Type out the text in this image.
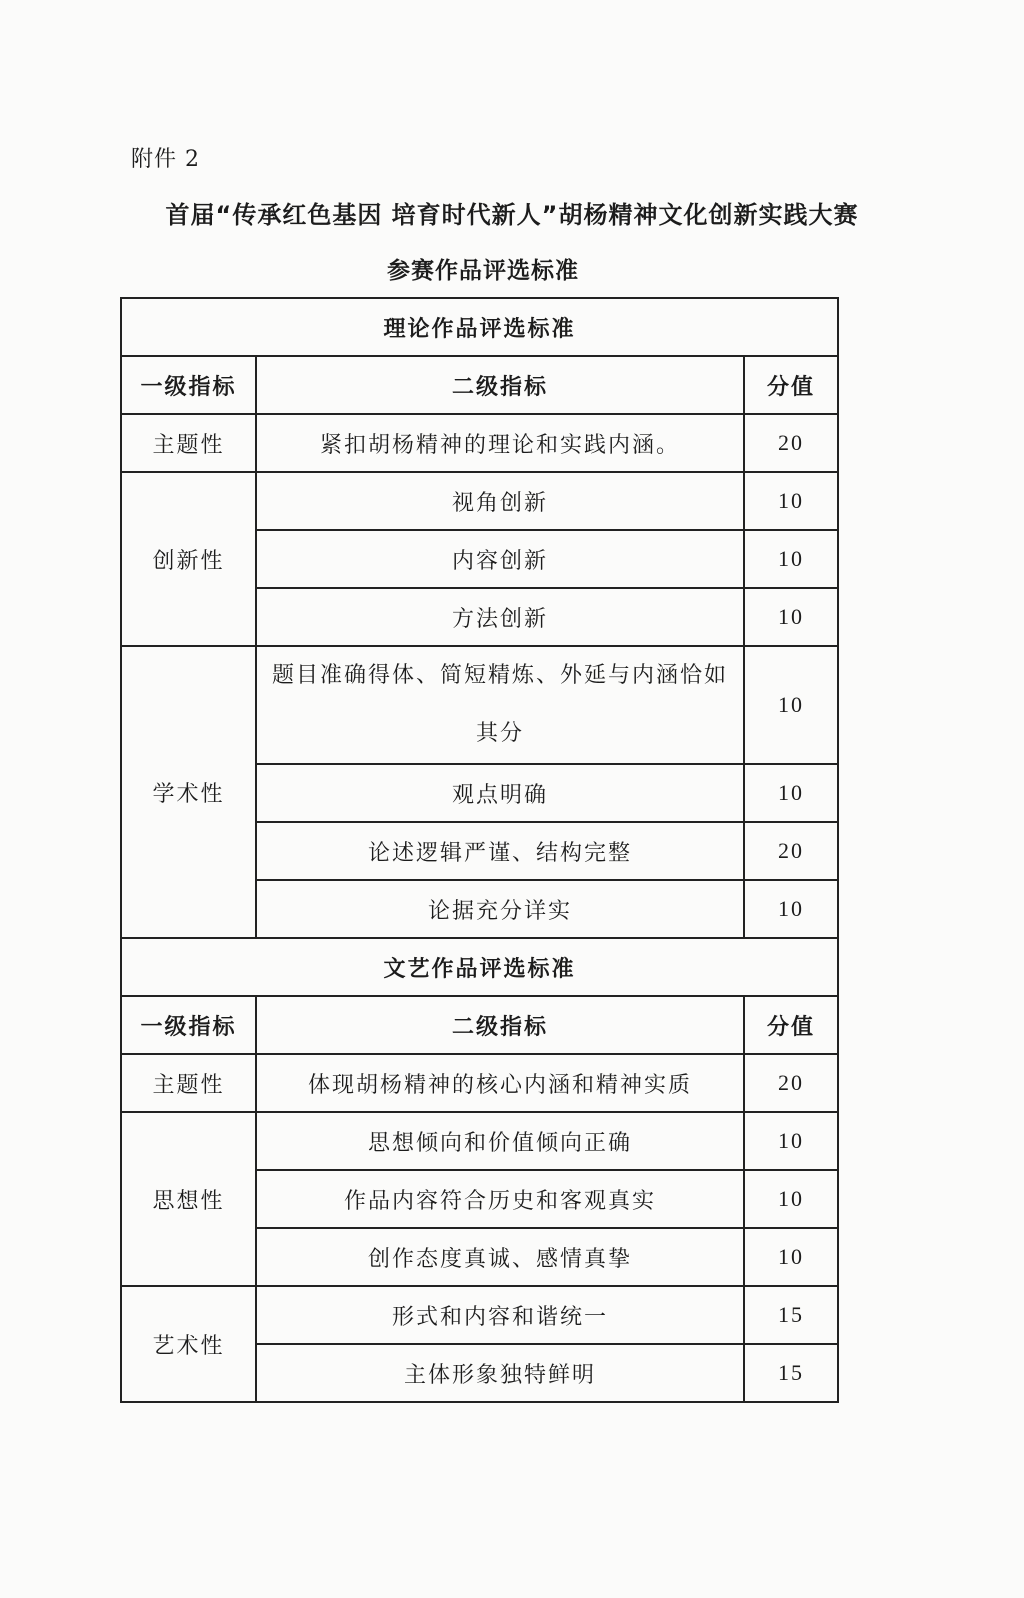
附件 2
首届“传承红色基因 培育时代新人”胡杨精神文化创新实践大赛
参赛作品评选标准
理论作品评选标准		
一级指标	二级指标	分值
主题性	紧扣胡杨精神的理论和实践内涵。	20
创新性	视角创新	10
	内容创新	10
	方法创新	10
学术性	题目准确得体、简短精炼、外延与内涵恰如其分	10
	观点明确	10
	论述逻辑严谨、结构完整	20
	论据充分详实	10
文艺作品评选标准		
一级指标	二级指标	分值
主题性	体现胡杨精神的核心内涵和精神实质	20
思想性	思想倾向和价值倾向正确	10
	作品内容符合历史和客观真实	10
	创作态度真诚、感情真挚	10
艺术性	形式和内容和谐统一	15
	主体形象独特鲜明	15
